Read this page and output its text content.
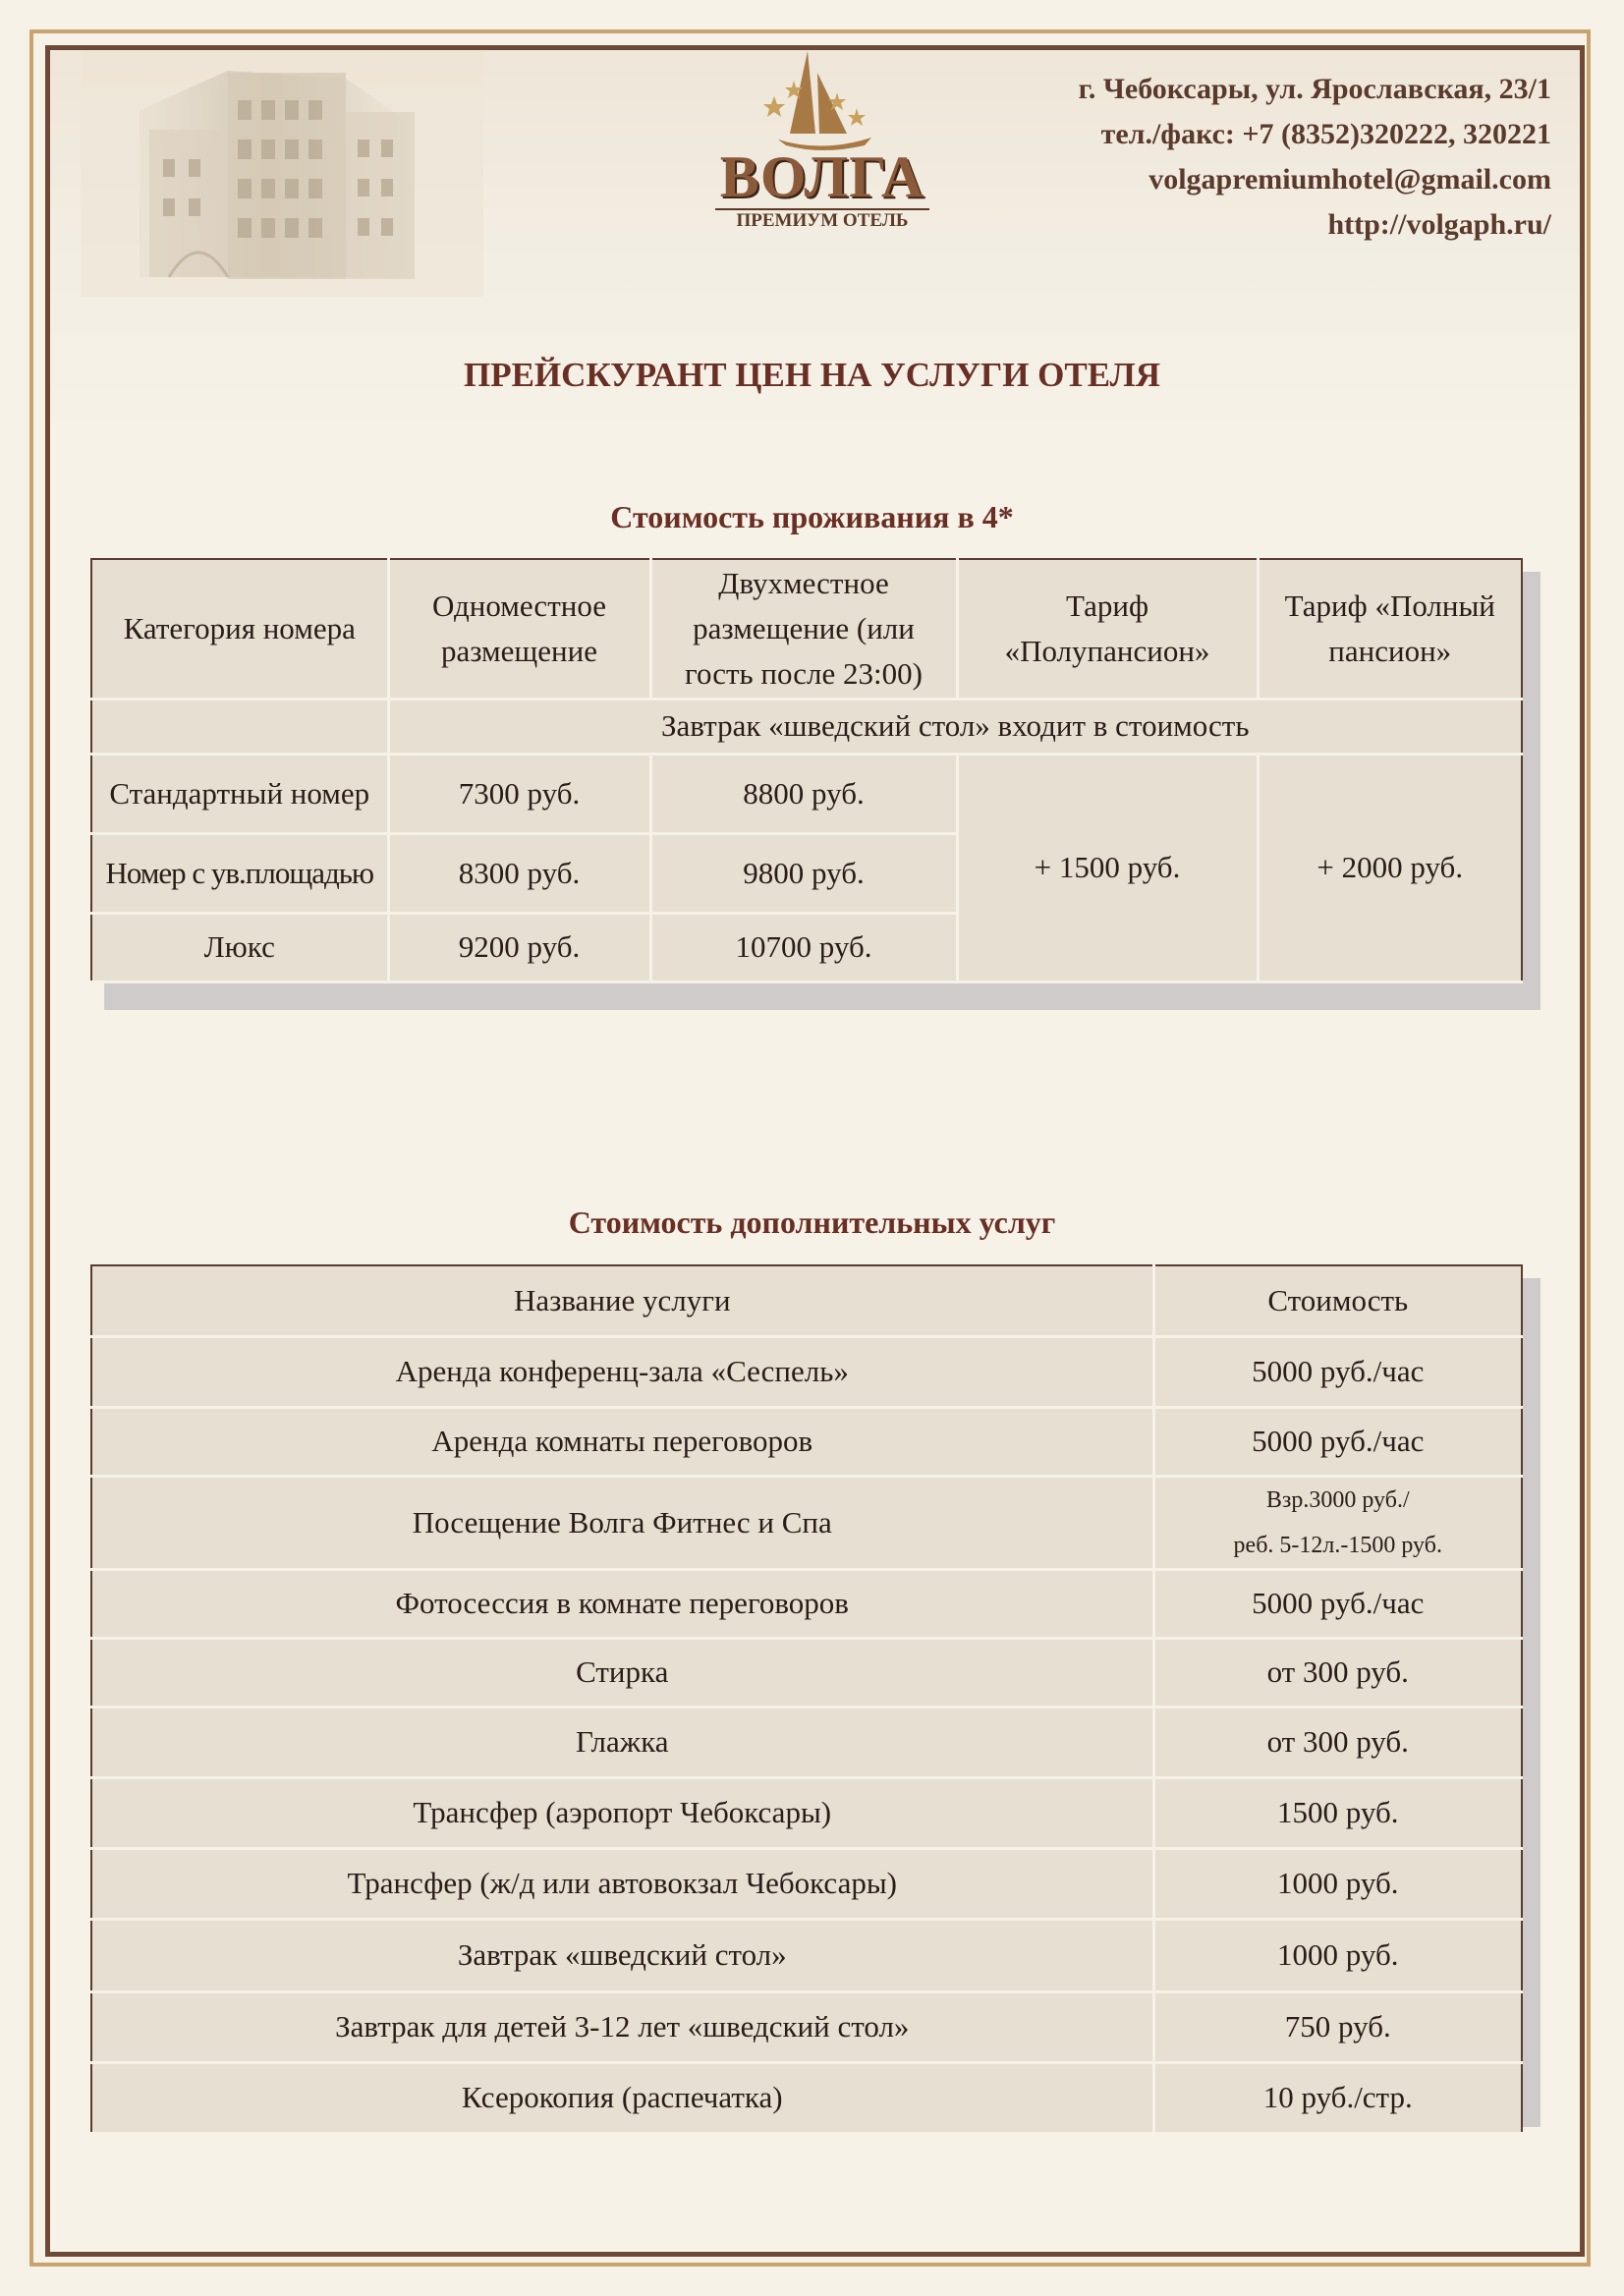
ВОЛГА
ПРЕМИУМ ОТЕЛЬ
г. Чебоксары, ул. Ярославская, 23/1
тел./факс: +7 (8352)320222, 320221
volgapremiumhotel@gmail.com
http://volgaph.ru/
ПРЕЙСКУРАНТ ЦЕН НА УСЛУГИ ОТЕЛЯ
Стоимость проживания в 4*
Категория номера	Одноместное размещение	Двухместное размещение (или гость после 23:00)	Тариф «Полупансион»	Тариф «Полный пансион»
	Завтрак «шведский стол» входит в стоимость			
Стандартный номер	7300 руб.	8800 руб.	+ 1500 руб.	+ 2000 руб.
Номер с ув.площадью	8300 руб.	9800 руб.		
Люкс	9200 руб.	10700 руб.		
Стоимость дополнительных услуг
Название услуги	Стоимость
Аренда конференц-зала «Сеспель»	5000 руб./час
Аренда комнаты переговоров	5000 руб./час
Посещение Волга Фитнес и Спа	Взр.3000 руб./
реб. 5-12л.-1500 руб.

Фотосессия в комнате переговоров	5000 руб./час
Стирка	от 300 руб.
Глажка	от 300 руб.
Трансфер (аэропорт Чебоксары)	1500 руб.
Трансфер (ж/д или автовокзал Чебоксары)	1000 руб.
Завтрак «шведский стол»	1000 руб.
Завтрак для детей 3-12 лет «шведский стол»	750 руб.
Ксерокопия (распечатка)	10 руб./стр.
